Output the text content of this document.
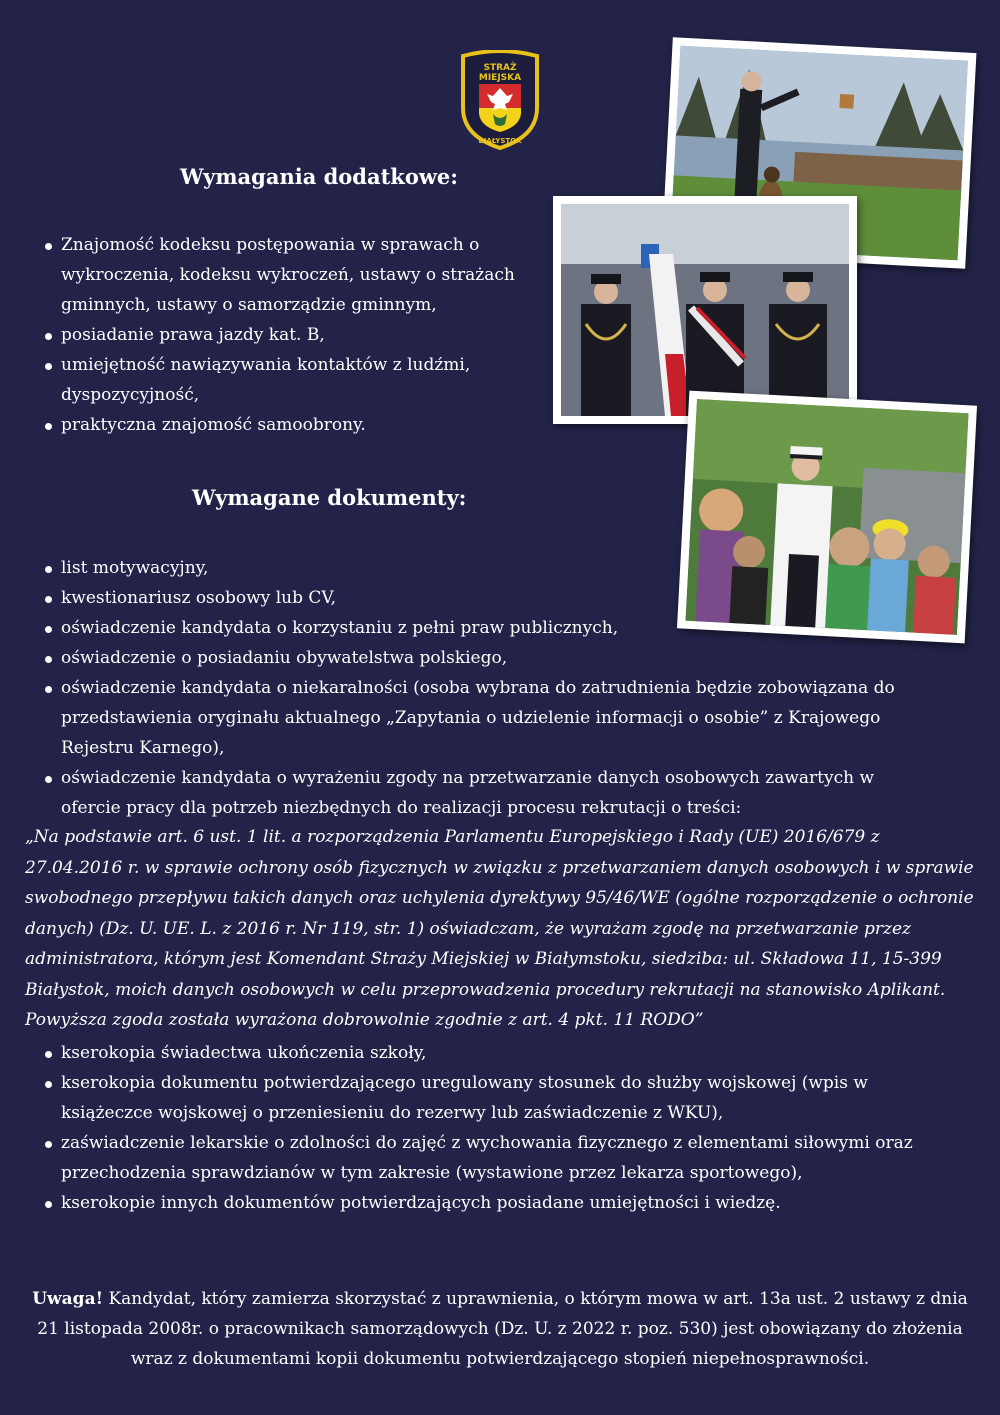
STRAŻ
MIEJSKA
BIAŁYSTOK
Wymagania dodatkowe:
Znajomość kodeksu postępowania w sprawach o wykroczenia, kodeksu wykroczeń, ustawy o strażach gminnych, ustawy o samorządzie gminnym,
posiadanie prawa jazdy kat. B,
umiejętność nawiązywania kontaktów z ludźmi, dyspozycyjność,
praktyczna znajomość samoobrony.
Wymagane dokumenty:
list motywacyjny,
kwestionariusz osobowy lub CV,
oświadczenie kandydata o korzystaniu z pełni praw publicznych,
oświadczenie o posiadaniu obywatelstwa polskiego,
oświadczenie kandydata o niekaralności (osoba wybrana do zatrudnienia będzie zobowiązana do przedstawienia oryginału aktualnego „Zapytania o udzielenie informacji o osobie” z Krajowego Rejestru Karnego),
oświadczenie kandydata o wyrażeniu zgody na przetwarzanie danych osobowych zawartych w ofercie pracy dla potrzeb niezbędnych do realizacji procesu rekrutacji o treści:

„Na podstawie art. 6 ust. 1 lit. a rozporządzenia Parlamentu Europejskiego i Rady (UE) 2016/679 z 27.04.2016 r. w sprawie ochrony osób fizycznych w związku z przetwarzaniem danych osobowych i w sprawie swobodnego przepływu takich danych oraz uchylenia dyrektywy 95/46/WE (ogólne rozporządzenie o ochronie danych) (Dz. U. UE. L. z 2016 r. Nr 119, str. 1) oświadczam, że wyrażam zgodę na przetwarzanie przez administratora, którym jest Komendant Straży Miejskiej w Białymstoku, siedziba: ul. Składowa 11, 15-399 Białystok, moich danych osobowych w celu przeprowadzenia procedury rekrutacji na stanowisko Aplikant. Powyższa zgoda została wyrażona dobrowolnie zgodnie z art. 4 pkt. 11 RODO”

kserokopia świadectwa ukończenia szkoły,
kserokopia dokumentu potwierdzającego uregulowany stosunek do służby wojskowej (wpis w książeczce wojskowej o przeniesieniu do rezerwy lub zaświadczenie z WKU),
zaświadczenie lekarskie o zdolności do zajęć z wychowania fizycznego z elementami siłowymi oraz przechodzenia sprawdzianów w tym zakresie (wystawione przez lekarza sportowego),
kserokopie innych dokumentów potwierdzających posiadane umiejętności i wiedzę.

Uwaga! Kandydat, który zamierza skorzystać z uprawnienia, o którym mowa w art. 13a ust. 2 ustawy z dnia 21 listopada 2008r. o pracownikach samorządowych (Dz. U. z 2022 r. poz. 530) jest obowiązany do złożenia wraz z dokumentami kopii dokumentu potwierdzającego stopień niepełnosprawności.
